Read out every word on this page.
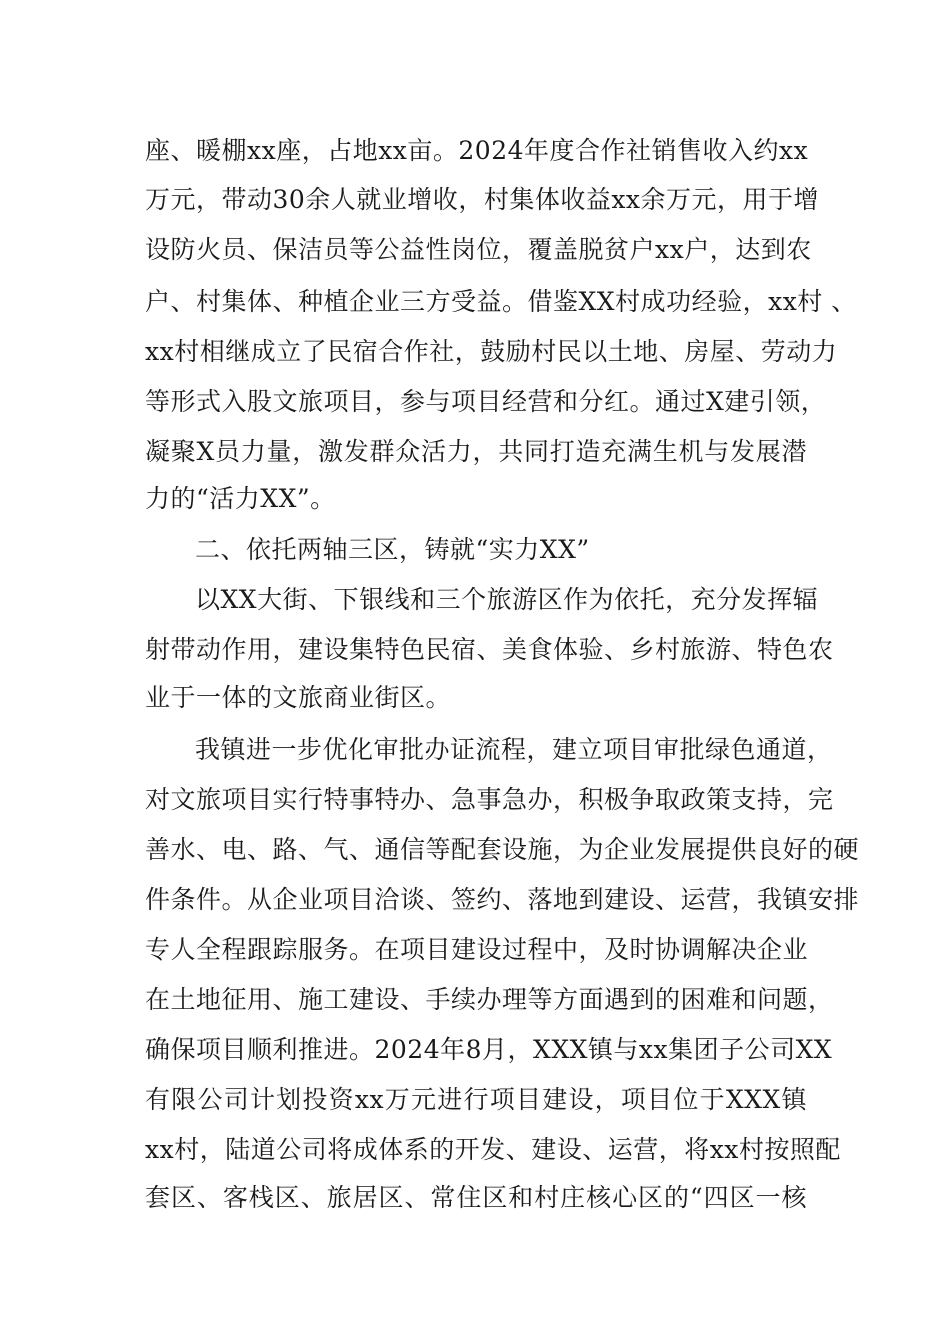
座、暖棚xx座，占地xx亩。2024年度合作社销售收入约xx
万元，带动30余人就业增收，村集体收益xx余万元，用于增
设防火员、保洁员等公益性岗位，覆盖脱贫户xx户，达到农
户、村集体、种植企业三方受益。借鉴XX村成功经验，xx村 、
xx村相继成立了民宿合作社，鼓励村民以土地、房屋、劳动力
等形式入股文旅项目，参与项目经营和分红。通过X建引领，
凝聚X员力量，激发群众活力，共同打造充满生机与发展潜
力的“活力XX”。
二、依托两轴三区，铸就“实力XX”
以XX大街、下银线和三个旅游区作为依托，充分发挥辐
射带动作用，建设集特色民宿、美食体验、乡村旅游、特色农
业于一体的文旅商业街区。
我镇进一步优化审批办证流程，建立项目审批绿色通道，
对文旅项目实行特事特办、急事急办，积极争取政策支持，完
善水、电、路、气、通信等配套设施，为企业发展提供良好的硬
件条件。从企业项目洽谈、签约、落地到建设、运营，我镇安排
专人全程跟踪服务。在项目建设过程中，及时协调解决企业
在土地征用、施工建设、手续办理等方面遇到的困难和问题，
确保项目顺利推进。2024年8月，XXX镇与xx集团子公司XX
有限公司计划投资xx万元进行项目建设，项目位于XXX镇
xx村，陆道公司将成体系的开发、建设、运营，将xx村按照配
套区、客栈区、旅居区、常住区和村庄核心区的“四区一核
